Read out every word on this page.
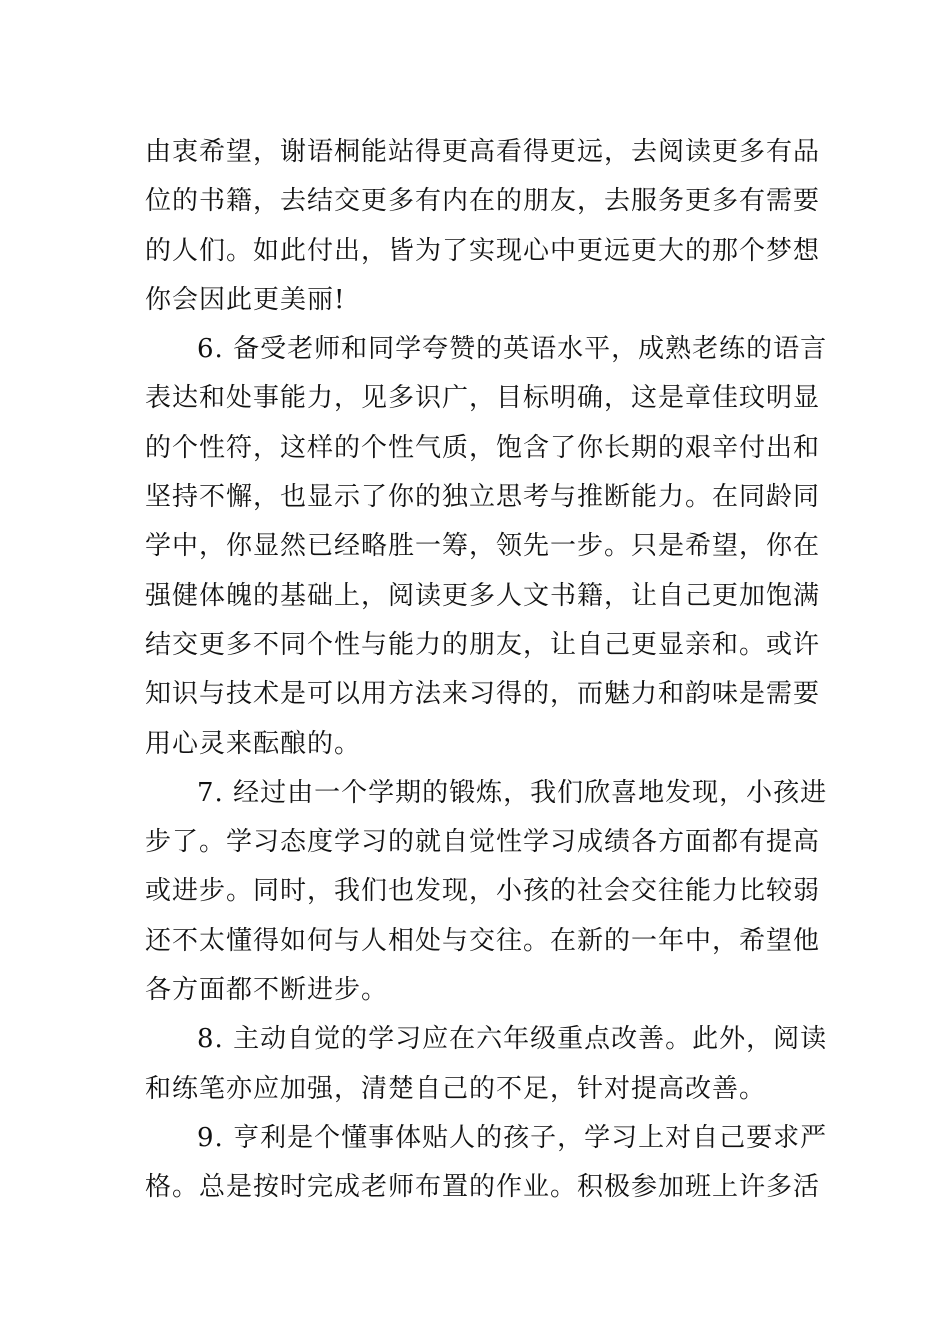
由衷希望，谢语桐能站得更高看得更远，去阅读更多有品
位的书籍，去结交更多有内在的朋友，去服务更多有需要
的人们。如此付出，皆为了实现心中更远更大的那个梦想
你会因此更美丽!
6. 备受老师和同学夸赞的英语水平，成熟老练的语言
表达和处事能力，见多识广，目标明确，这是章佳玟明显
的个性符，这样的个性气质，饱含了你长期的艰辛付出和
坚持不懈，也显示了你的独立思考与推断能力。在同龄同
学中，你显然已经略胜一筹，领先一步。只是希望，你在
强健体魄的基础上，阅读更多人文书籍，让自己更加饱满
结交更多不同个性与能力的朋友，让自己更显亲和。或许
知识与技术是可以用方法来习得的，而魅力和韵味是需要
用心灵来酝酿的。
7. 经过由一个学期的锻炼，我们欣喜地发现，小孩进
步了。学习态度学习的就自觉性学习成绩各方面都有提高
或进步。同时，我们也发现，小孩的社会交往能力比较弱
还不太懂得如何与人相处与交往。在新的一年中，希望他
各方面都不断进步。
8. 主动自觉的学习应在六年级重点改善。此外，阅读
和练笔亦应加强，清楚自己的不足，针对提高改善。
9. 亨利是个懂事体贴人的孩子，学习上对自己要求严
格。总是按时完成老师布置的作业。积极参加班上许多活
